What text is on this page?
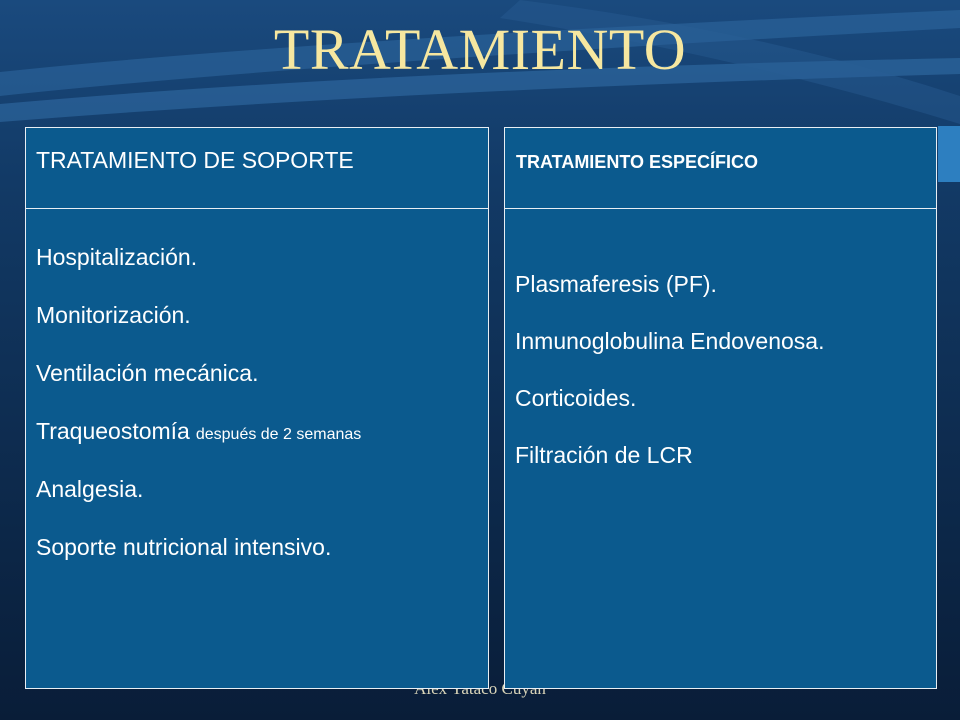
TRATAMIENTO
TRATAMIENTO DE SOPORTE
Hospitalización.
Monitorización.
Ventilación mecánica.
Traqueostomía después de 2 semanas
Analgesia.
Soporte nutricional intensivo.
TRATAMIENTO ESPECÍFICO
Plasmaferesis (PF).
Inmunoglobulina Endovenosa.
Corticoides.
Filtración de LCR
